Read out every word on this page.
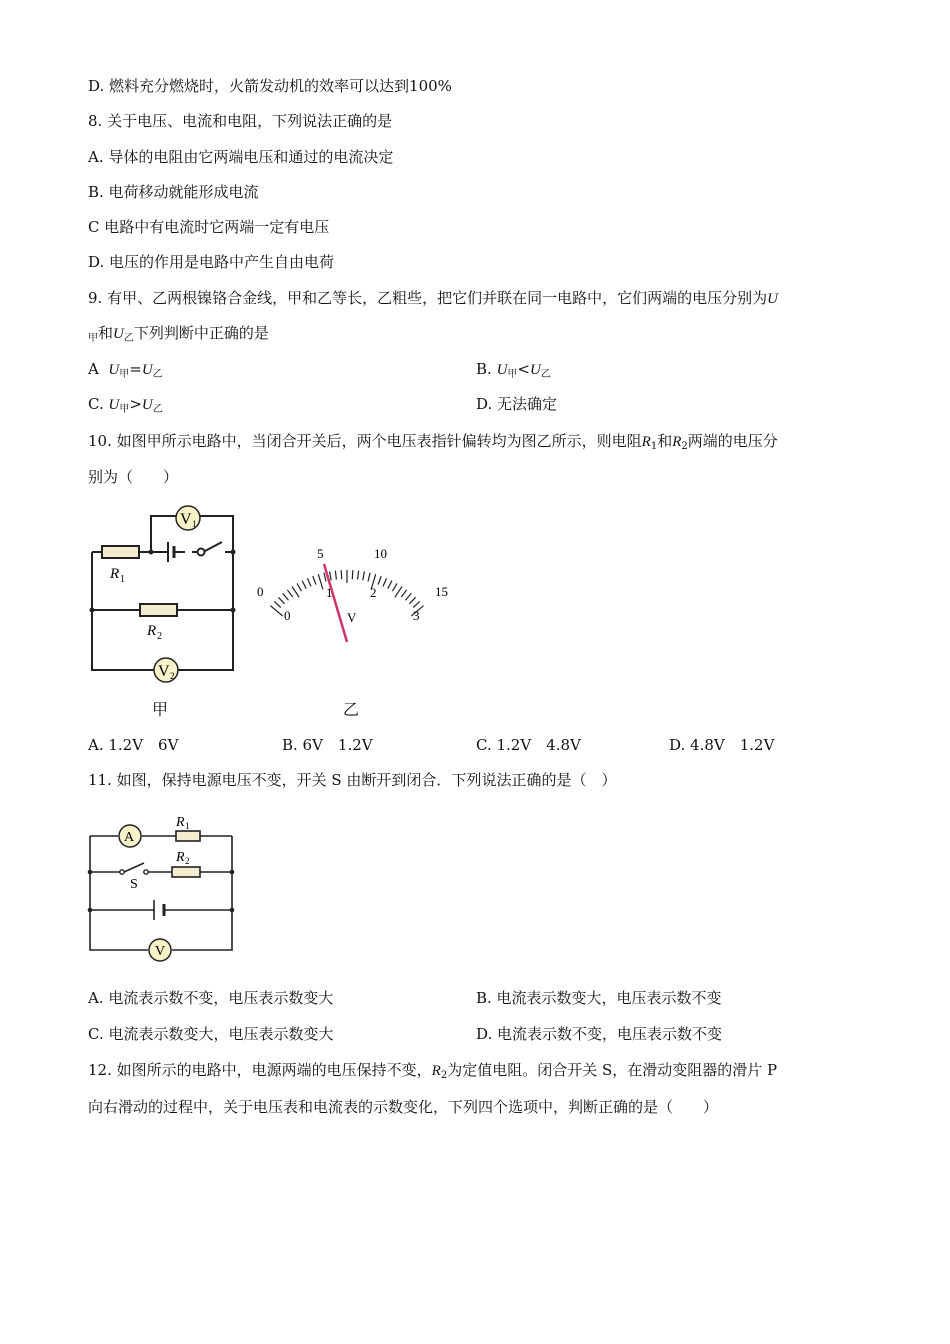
D. 燃料充分燃烧时，火箭发动机的效率可以达到100%
8. 关于电压、电流和电阻，下列说法正确的是
A. 导体的电阻由它两端电压和通过的电流决定
B. 电荷移动就能形成电流
C 电路中有电流时它两端一定有电压
D. 电压的作用是电路中产生自由电荷
9. 有甲、乙两根镍铬合金线，甲和乙等长，乙粗些，把它们并联在同一电路中，它们两端的电压分别为U
$_甲$和$U_乙$下列判断中正确的是
A $U_甲=U_乙$	B. $U_甲<U_乙$
C. $U_甲>U_乙$	D. 无法确定
10. 如图甲所示电路中，当闭合开关后，两个电压表指针偏转均为图乙所示，则电阻$R_1$和$R_2$两端的电压分
别为（　　）
V 1
V 2
R 1
R 2
甲
0
5	10
15
0
1	2
3
V
乙
A. 1.2V　6V	B. 6V　1.2V	C. 1.2V　4.8V	D. 4.8V　1.2V
11. 如图，保持电源电压不变，开关 S 由断开到闭合．下列说法正确的是（　）
A
V
S
R 1
R 2
A. 电流表示数不变，电压表示数变大	B. 电流表示数变大，电压表示数不变
C. 电流表示数变大，电压表示数变大	D. 电流表示数不变，电压表示数不变
12. 如图所示的电路中，电源两端的电压保持不变，$R_2$为定值电阻。闭合开关 S，在滑动变阻器的滑片 P
向右滑动的过程中，关于电压表和电流表的示数变化，下列四个选项中，判断正确的是（　　）
